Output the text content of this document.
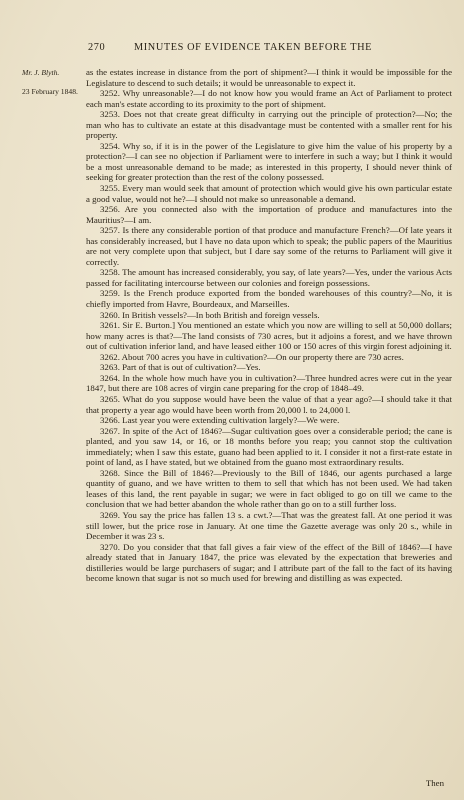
270	MINUTES OF EVIDENCE TAKEN BEFORE THE
Mr. J. Blyth.
23 February 1848.

as the estates increase in distance from the port of shipment?—I think it would be impossible for the Legislature to descend to such details; it would be unreasonable to expect it.

3252. Why unreasonable?—I do not know how you would frame an Act of Parliament to protect each man's estate according to its proximity to the port of shipment.

3253. Does not that create great difficulty in carrying out the principle of protection?—No; the man who has to cultivate an estate at this disadvantage must be contented with a smaller rent for his property.

3254. Why so, if it is in the power of the Legislature to give him the value of his property by a protection?—I can see no objection if Parliament were to interfere in such a way; but I think it would be a most unreasonable demand to be made; as interested in this property, I should never think of seeking for greater protection than the rest of the colony possessed.

3255. Every man would seek that amount of protection which would give his own particular estate a good value, would not he?—I should not make so unreasonable a demand.

3256. Are you connected also with the importation of produce and manufactures into the Mauritius?—I am.

3257. Is there any considerable portion of that produce and manufacture French?—Of late years it has considerably increased, but I have no data upon which to speak; the public papers of the Mauritius are not very complete upon that subject, but I dare say some of the returns to Parliament will give it correctly.

3258. The amount has increased considerably, you say, of late years?—Yes, under the various Acts passed for facilitating intercourse between our colonies and foreign possessions.

3259. Is the French produce exported from the bonded warehouses of this country?—No, it is chiefly imported from Havre, Bourdeaux, and Marseilles.

3260. In British vessels?—In both British and foreign vessels.

3261. Sir E. Burton.] You mentioned an estate which you now are willing to sell at 50,000 dollars; how many acres is that?—The land consists of 730 acres, but it adjoins a forest, and we have thrown out of cultivation inferior land, and have leased either 100 or 150 acres of this virgin forest adjoining it.

3262. About 700 acres you have in cultivation?—On our property there are 730 acres.

3263. Part of that is out of cultivation?—Yes.

3264. In the whole how much have you in cultivation?—Three hundred acres were cut in the year 1847, but there are 108 acres of virgin cane preparing for the crop of 1848–49.

3265. What do you suppose would have been the value of that a year ago?—I should take it that that property a year ago would have been worth from 20,000 l. to 24,000 l.

3266. Last year you were extending cultivation largely?—We were.

3267. In spite of the Act of 1846?—Sugar cultivation goes over a considerable period; the cane is planted, and you saw 14, or 16, or 18 months before you reap; you cannot stop the cultivation immediately; when I saw this estate, guano had been applied to it. I consider it not a first-rate estate in point of land, as I have stated, but we obtained from the guano most extraordinary results.

3268. Since the Bill of 1846?—Previously to the Bill of 1846, our agents purchased a large quantity of guano, and we have written to them to sell that which has not been used. We had taken leases of this land, the rent payable in sugar; we were in fact obliged to go on till we came to the conclusion that we had better abandon the whole rather than go on to a still further loss.

3269. You say the price has fallen 13 s. a cwt.?—That was the greatest fall. At one period it was still lower, but the price rose in January. At one time the Gazette average was only 20 s., while in December it was 23 s.

3270. Do you consider that that fall gives a fair view of the effect of the Bill of 1846?—I have already stated that in January 1847, the price was elevated by the expectation that breweries and distilleries would be large purchasers of sugar; and I attribute part of the fall to the fact of its having become known that sugar is not so much used for brewing and distilling as was expected.

Then
